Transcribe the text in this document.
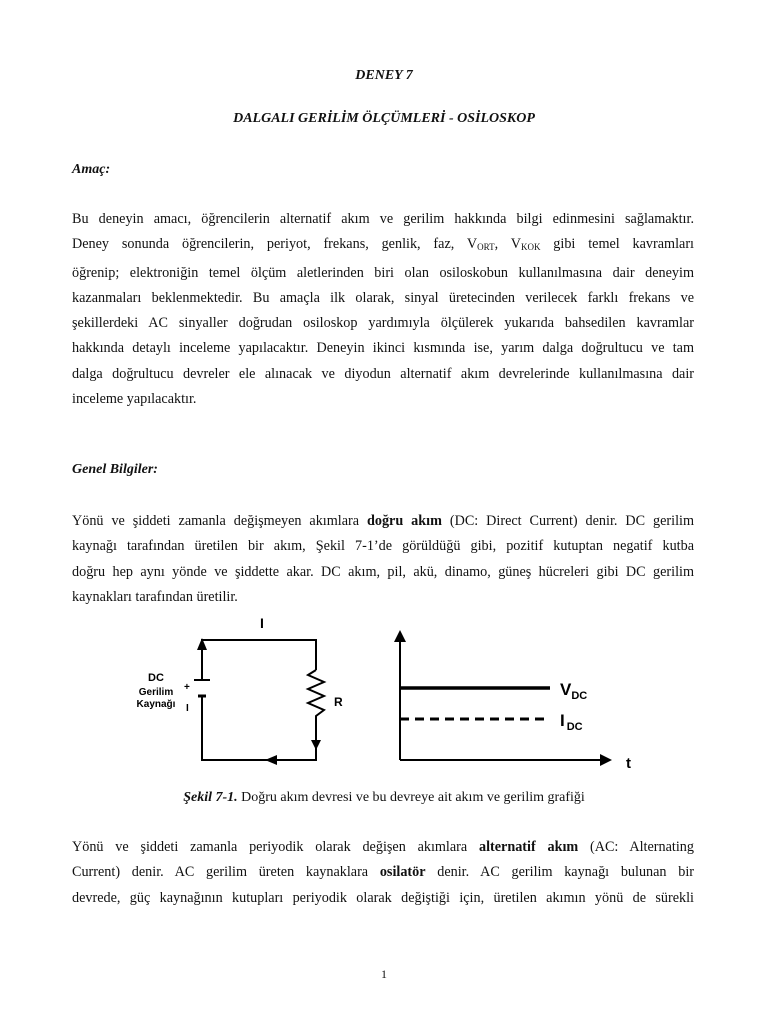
DENEY 7
DALGALI GERİLİM ÖLÇÜMLERİ - OSİLOSKOP
Amaç:
Bu deneyin amacı, öğrencilerin alternatif akım ve gerilim hakkında bilgi edinmesini sağlamaktır.
Deney sonunda öğrencilerin, periyot, frekans, genlik, faz, $V_{ORT}$, $V_{KOK}$ gibi temel kavramları
öğrenip; elektroniğin temel ölçüm aletlerinden biri olan osiloskobun kullanılmasına dair deneyim
kazanmaları beklenmektedir. Bu amaçla ilk olarak, sinyal üretecinden verilecek farklı frekans ve
şekillerdeki AC sinyaller doğrudan osiloskop yardımıyla ölçülerek yukarıda bahsedilen kavramlar
hakkında detaylı inceleme yapılacaktır. Deneyin ikinci kısmında ise, yarım dalga doğrultucu ve tam
dalga doğrultucu devreler ele alınacak ve diyodun alternatif akım devrelerinde kullanılmasına dair
inceleme yapılacaktır.
Genel Bilgiler:
Yönü ve şiddeti zamanla değişmeyen akımlara doğru akım (DC: Direct Current) denir. DC gerilim
kaynağı tarafından üretilen bir akım, Şekil 7-1’de görüldüğü gibi, pozitif kutuptan negatif kutba
doğru hep aynı yönde ve şiddette akar. DC akım, pil, akü, dinamo, güneş hücreleri gibi DC gerilim
kaynakları tarafından üretilir.
I
DC
Gerilim
Kaynağı
+
I	R
$V_{DC}$
I $_{DC}$
t
Şekil 7-1. Doğru akım devresi ve bu devreye ait akım ve gerilim grafiği
Yönü ve şiddeti zamanla periyodik olarak değişen akımlara alternatif akım (AC: Alternating
Current) denir. AC gerilim üreten kaynaklara osilatör denir. AC gerilim kaynağı bulunan bir
devrede, güç kaynağının kutupları periyodik olarak değiştiği için, üretilen akımın yönü de sürekli
1
